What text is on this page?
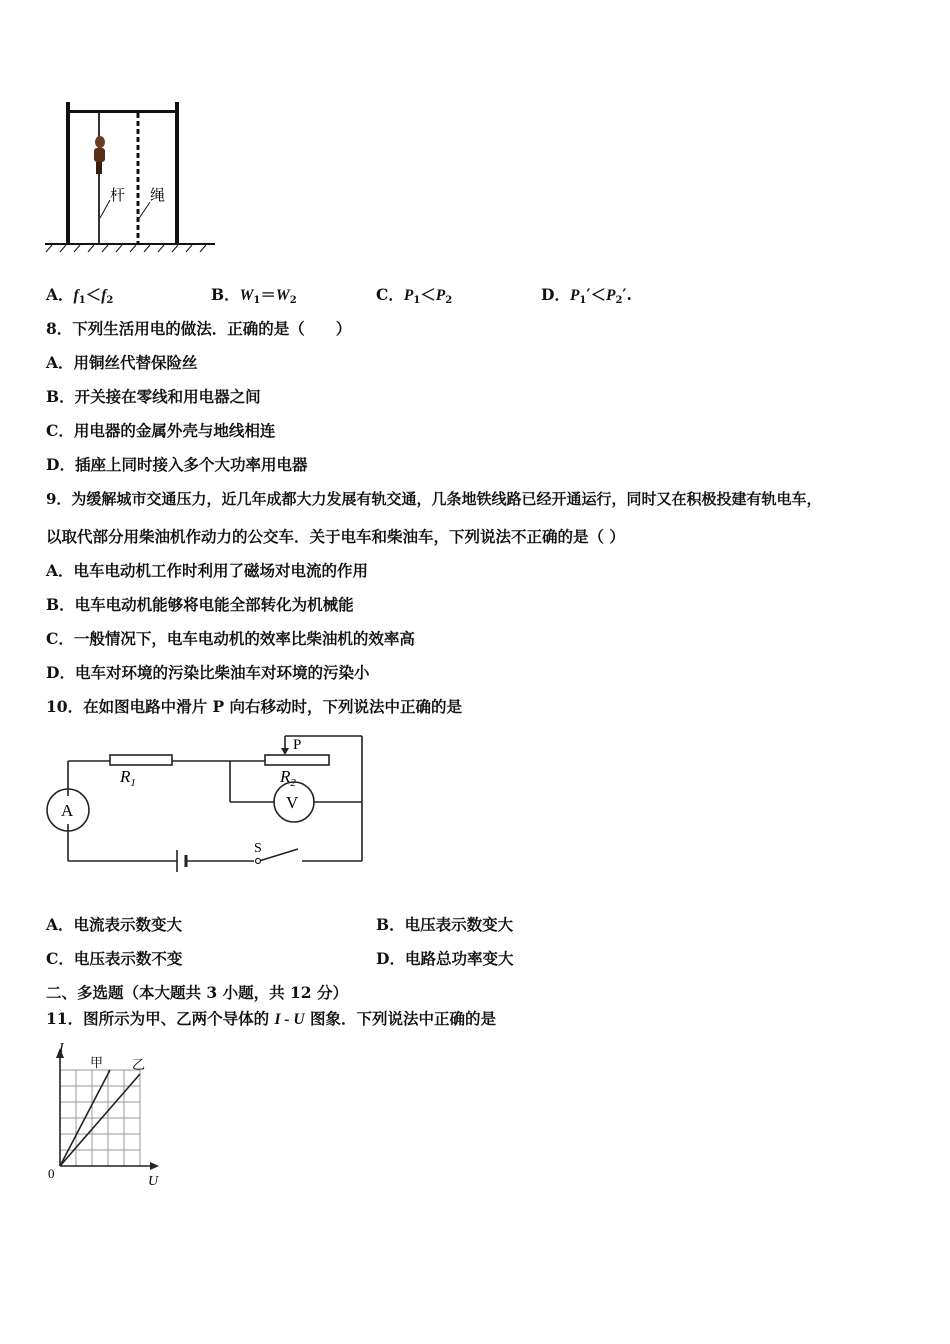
杆 绳
A．$f_1<f_2$	B．$W_1=W_2$	C．$P_1<P_2$	D．$P_1'<P_2'$.
8．下列生活用电的做法．正确的是（　　）
A．用铜丝代替保险丝
B．开关接在零线和用电器之间
C．用电器的金属外壳与地线相连
D．插座上同时接入多个大功率用电器
9．为缓解城市交通压力，近几年成都大力发展有轨交通，几条地铁线路已经开通运行，同时又在积极投建有轨电车，
以取代部分用柴油机作动力的公交车．关于电车和柴油车，下列说法不正确的是（ ）
A．电车电动机工作时利用了磁场对电流的作用
B．电车电动机能够将电能全部转化为机械能
C．一般情况下，电车电动机的效率比柴油机的效率高
D．电车对环境的污染比柴油车对环境的污染小
10．在如图电路中滑片 P 向右移动时，下列说法中正确的是
P
$R_1$	$R_2$
A	V
S
A．电流表示数变大	B．电压表示数变大
C．电压表示数不变	D．电路总功率变大
二、多选题（本大题共 3 小题，共 12 分）
11．图所示为甲、乙两个导体的 I - U 图象．下列说法中正确的是
I
U
0
甲 乙
